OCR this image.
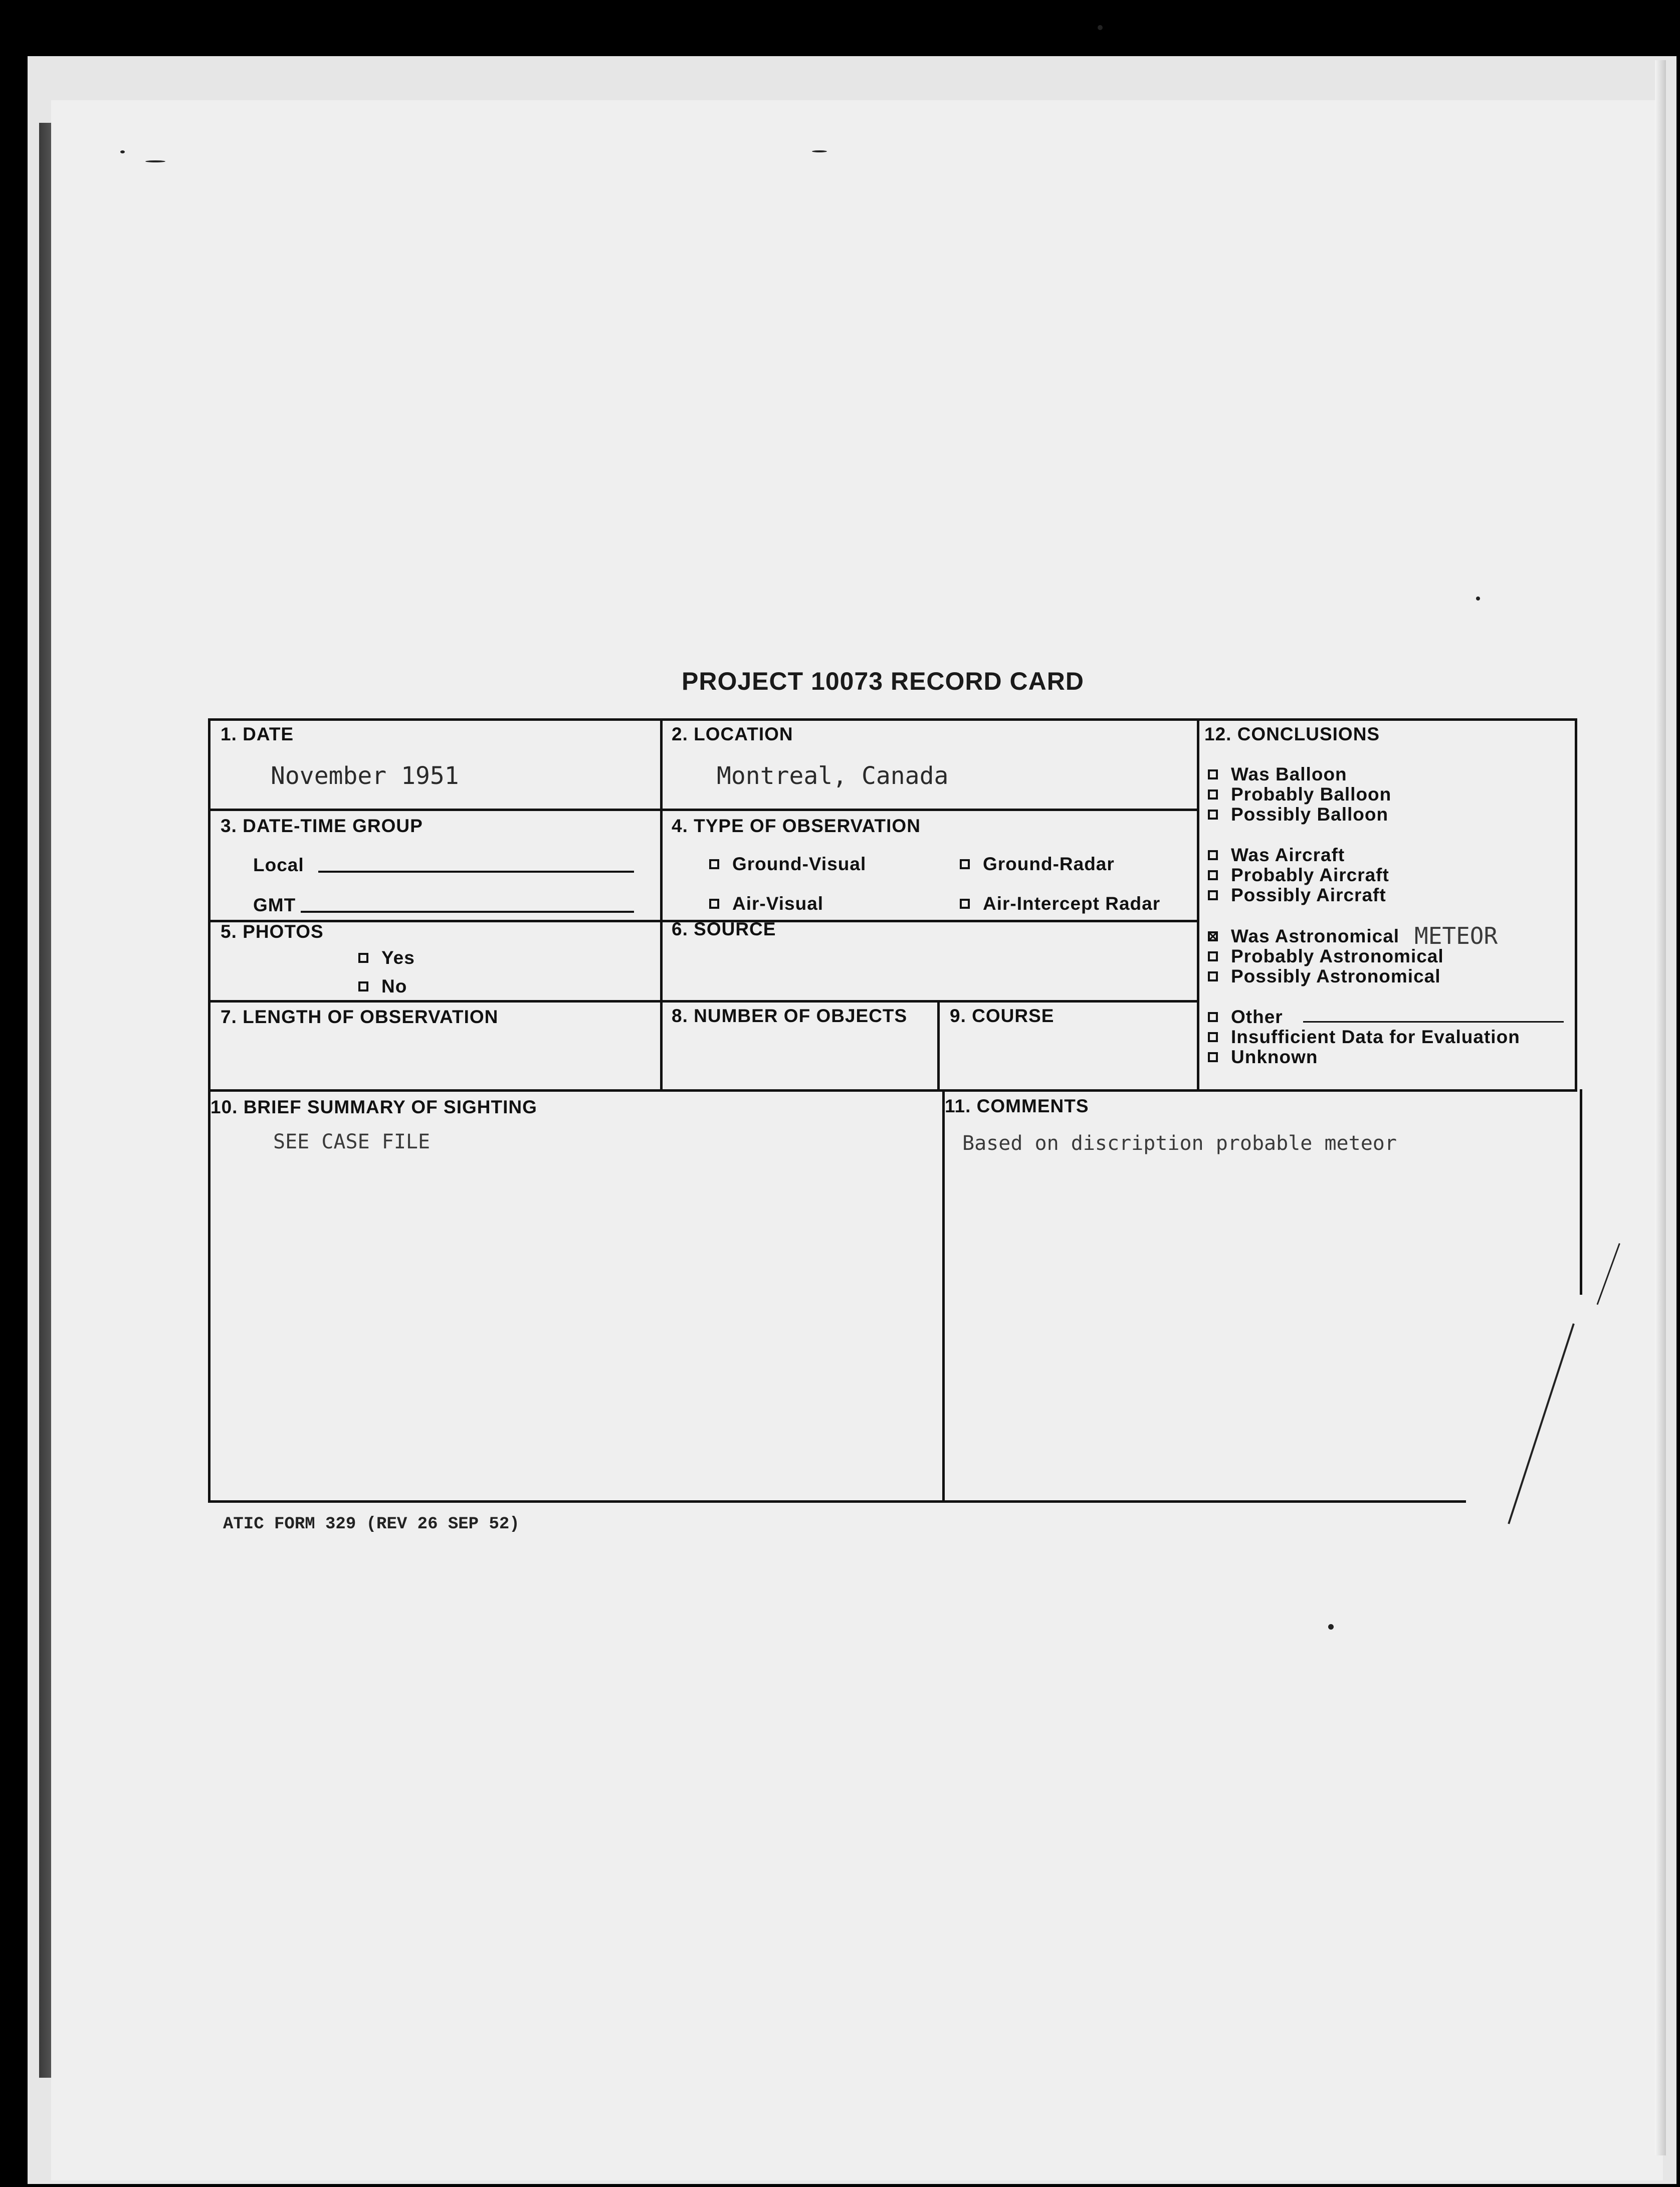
PROJECT 10073 RECORD CARD
1. DATE
November 1951
2. LOCATION
Montreal, Canada
3. DATE-TIME GROUP
Local
GMT
4. TYPE OF OBSERVATION
Ground-Visual	Ground-Radar
Air-Visual	Air-Intercept Radar
5. PHOTOS
Yes
No
6. SOURCE
7. LENGTH OF OBSERVATION	8. NUMBER OF OBJECTS 9. COURSE
10. BRIEF SUMMARY OF SIGHTING
SEE CASE FILE
11. COMMENTS
Based on discription probable meteor
12. CONCLUSIONS
Was Balloon
Probably Balloon
Possibly Balloon
Was Aircraft
Probably Aircraft
Possibly Aircraft
Was Astronomical METEOR
Probably Astronomical
Possibly Astronomical
Other
Insufficient Data for Evaluation
Unknown
ATIC FORM 329 (REV 26 SEP 52)
